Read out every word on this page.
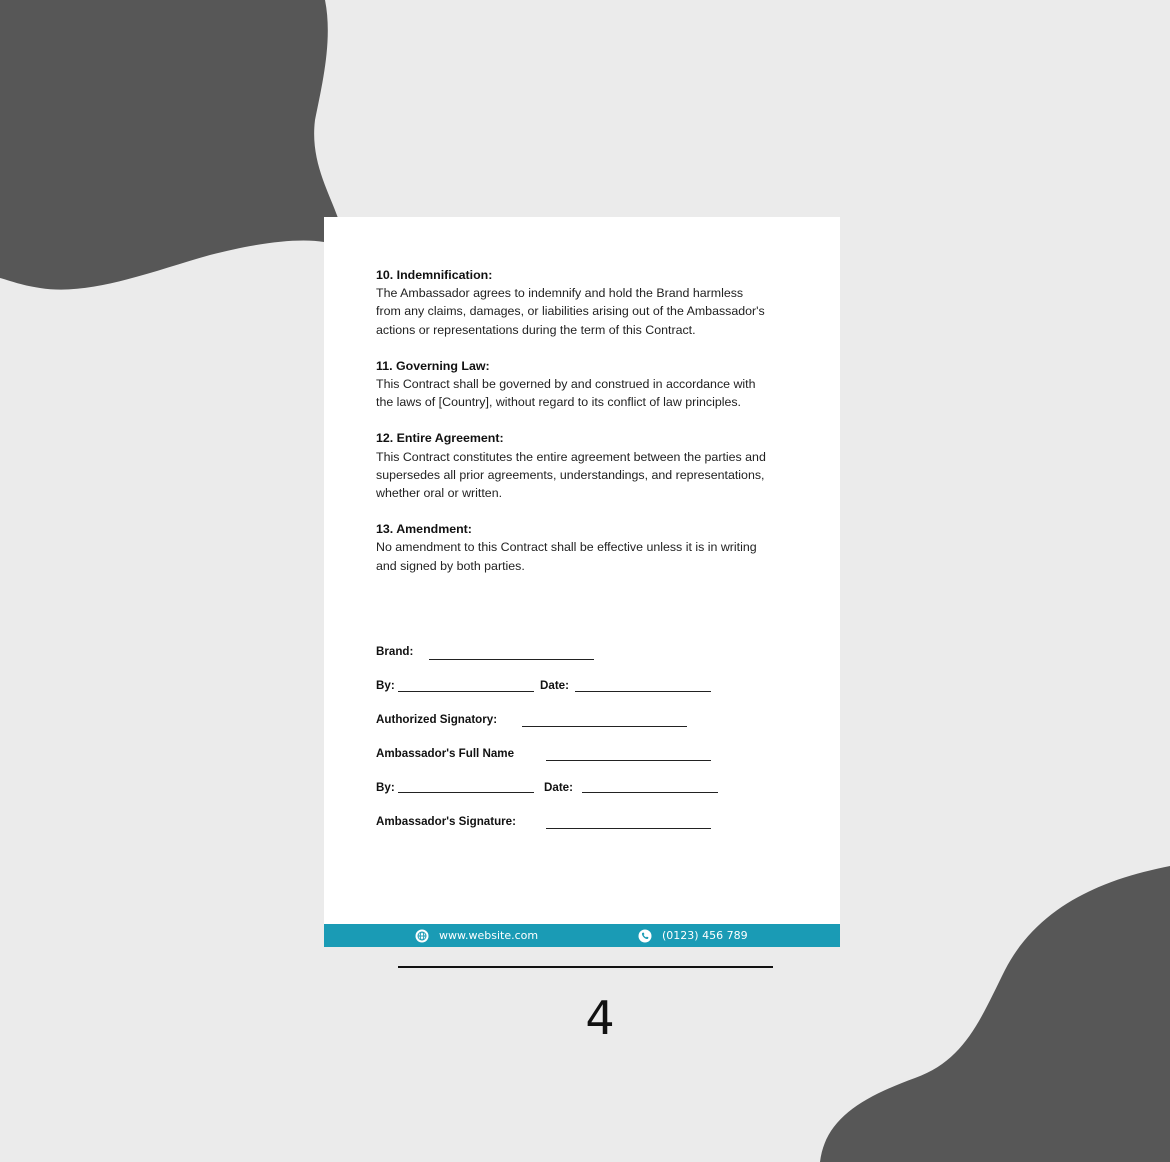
10. Indemnification:
The Ambassador agrees to indemnify and hold the Brand harmless
from any claims, damages, or liabilities arising out of the Ambassador's
actions or representations during the term of this Contract.
11. Governing Law:
This Contract shall be governed by and construed in accordance with
the laws of [Country], without regard to its conflict of law principles.
12. Entire Agreement:
This Contract constitutes the entire agreement between the parties and
supersedes all prior agreements, understandings, and representations,
whether oral or written.
13. Amendment:
No amendment to this Contract shall be effective unless it is in writing
and signed by both parties.
Brand:
By:	Date:
Authorized Signatory:
Ambassador's Full Name
By:	Date:
Ambassador's Signature:
www.website.com	(0123) 456 789
4
